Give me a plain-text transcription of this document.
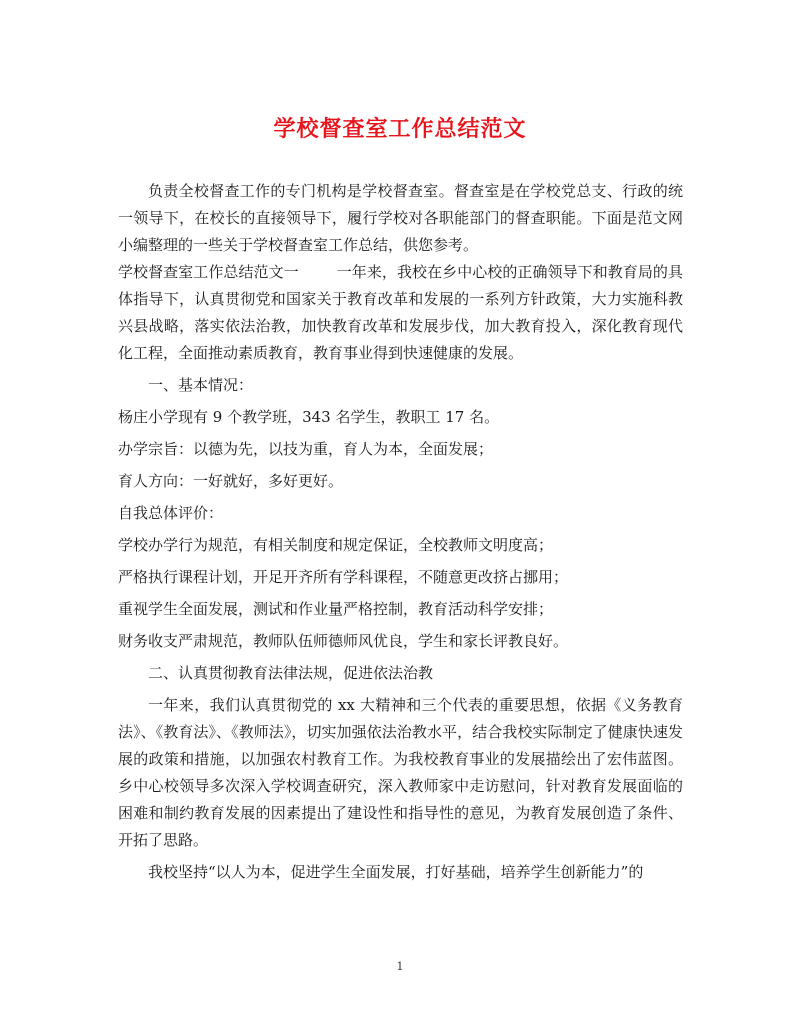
学校督查室工作总结范文

负责全校督查工作的专门机构是学校督查室。督查室是在学校党总支、行政的统一领导下，在校长的直接领导下，履行学校对各职能部门的督查职能。下面是范文网小编整理的一些关于学校督查室工作总结，供您参考。

学校督查室工作总结范文一	一年来，我校在乡中心校的正确领导下和教育局的具体指导下，认真贯彻党和国家关于教育改革和发展的一系列方针政策，大力实施科教兴县战略，落实依法治教，加快教育改革和发展步伐，加大教育投入，深化教育现代化工程，全面推动素质教育，教育事业得到快速健康的发展。

一、基本情况：

杨庄小学现有 9 个教学班，343 名学生，教职工 17 名。

办学宗旨：以德为先，以技为重，育人为本，全面发展；

育人方向：一好就好，多好更好。

自我总体评价：

学校办学行为规范，有相关制度和规定保证，全校教师文明度高；

严格执行课程计划，开足开齐所有学科课程，不随意更改挤占挪用；

重视学生全面发展，测试和作业量严格控制，教育活动科学安排；

财务收支严肃规范，教师队伍师德师风优良，学生和家长评教良好。

二、认真贯彻教育法律法规，促进依法治教

一年来，我们认真贯彻党的 xx 大精神和三个代表的重要思想，依据《义务教育法》、《教育法》、《教师法》，切实加强依法治教水平，结合我校实际制定了健康快速发展的政策和措施，以加强农村教育工作。为我校教育事业的发展描绘出了宏伟蓝图。乡中心校领导多次深入学校调查研究，深入教师家中走访慰问，针对教育发展面临的困难和制约教育发展的因素提出了建设性和指导性的意见，为教育发展创造了条件、开拓了思路。

我校坚持“以人为本，促进学生全面发展，打好基础，培养学生创新能力”的

1
